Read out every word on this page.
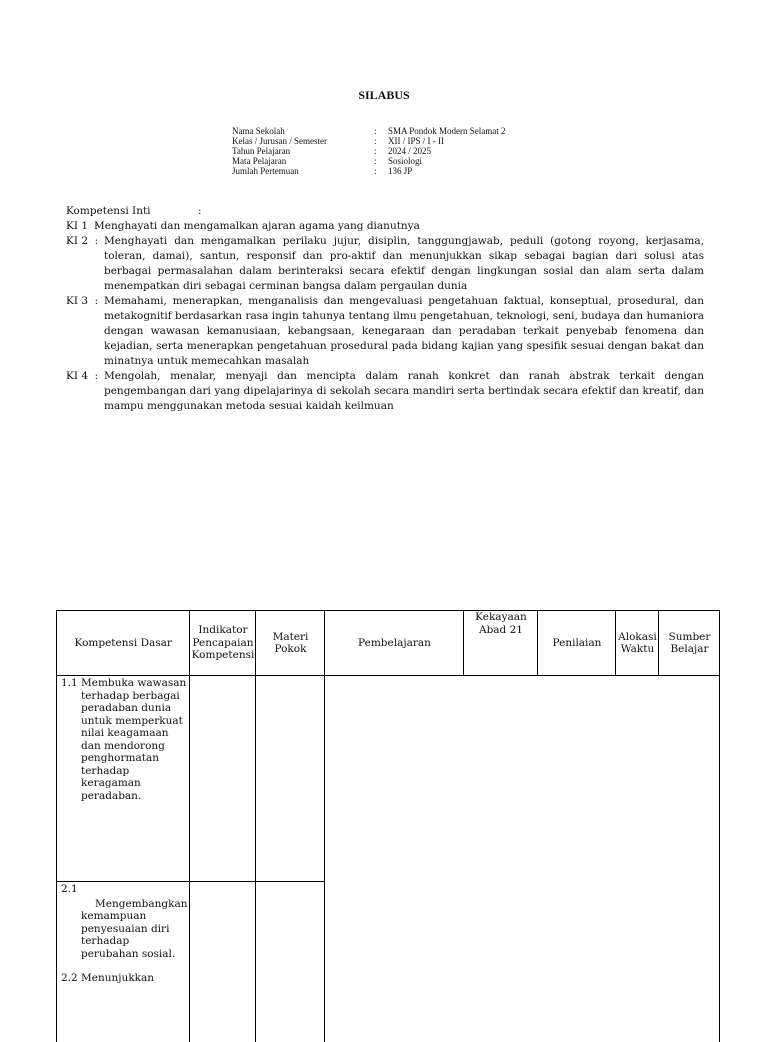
SILABUS
Nama Sekolah	:	SMA Pondok Modern Selamat 2
Kelas / Jurusan / Semester	:	XII / IPS / I - II
Tahun Pelajaran	:	2024 / 2025
Mata Pelajaran	:	Sosiologi
Jumlah Pertemuan	:	136 JP
Kompetensi Inti	:
KI 1  :
Menghayati dan mengamalkan ajaran agama yang dianutnya
KI 2  : Menghayati dan mengamalkan perilaku jujur, disiplin, tanggungjawab, peduli (gotong royong, kerjasama, toleran, damai), santun, responsif dan pro-aktif dan menunjukkan sikap sebagai bagian dari solusi atas berbagai permasalahan dalam berinteraksi secara efektif dengan lingkungan sosial dan alam serta dalam menempatkan diri sebagai cerminan bangsa dalam pergaulan dunia
KI 3  : Memahami, menerapkan, menganalisis dan mengevaluasi pengetahuan faktual, konseptual, prosedural, dan metakognitif berdasarkan rasa ingin tahunya tentang ilmu pengetahuan, teknologi, seni, budaya dan humaniora dengan wawasan kemanusiaan, kebangsaan, kenegaraan dan peradaban terkait penyebab fenomena dan kejadian, serta menerapkan pengetahuan prosedural pada bidang kajian yang spesifik sesuai dengan bakat dan minatnya untuk memecahkan masalah
KI 4  : Mengolah, menalar, menyaji dan mencipta dalam ranah konkret dan ranah abstrak terkait dengan pengembangan dari yang dipelajarinya di sekolah secara mandiri serta bertindak secara efektif dan kreatif, dan mampu menggunakan metoda sesuai kaidah keilmuan
Kompetensi Dasar	Indikator Pencapaian Kompetensi	Materi Pokok	Pembelajaran	Kekayaan Abad 21	Penilaian	Alokasi Waktu	Sumber Belajar
1.1 Membuka wawasan terhadap berbagai peradaban dunia untuk memperkuat nilai keagamaan dan mendorong penghormatan terhadap keragaman peradaban.							

2.1
Mengembangkan kemampuan penyesuaian diri terhadap perubahan sosial.
2.2 Menunjukkan							
